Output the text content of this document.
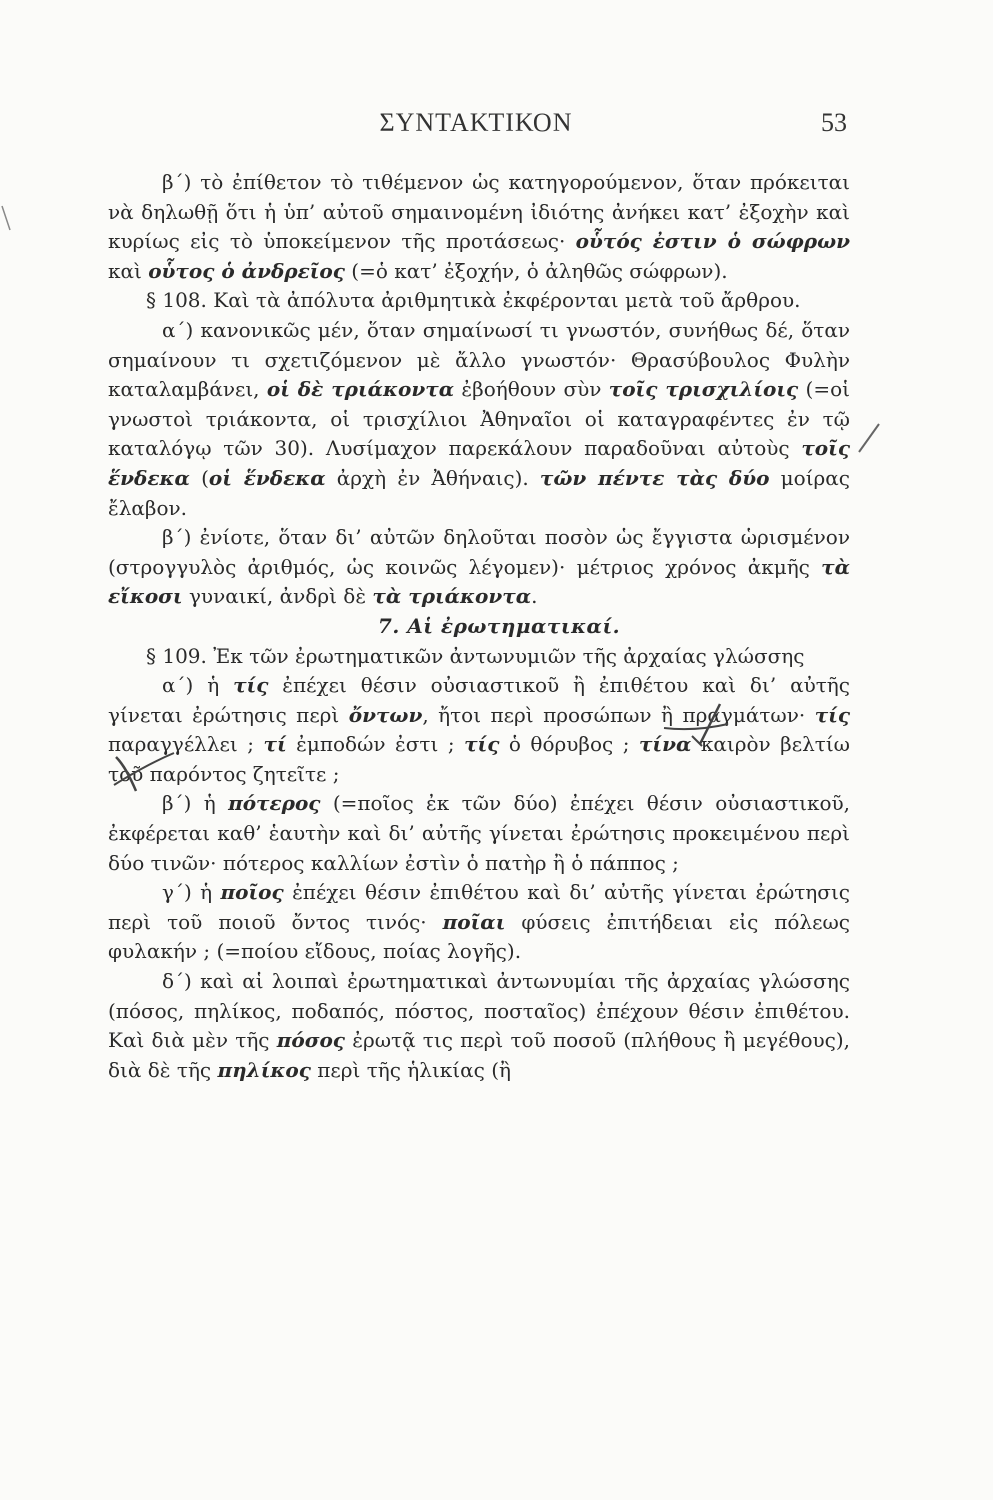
ΣΥΝΤΑΚΤΙΚΟΝ	53

β΄) τὸ ἐπίθετον τὸ τιθέμενον ὡς κατηγορούμενον, ὅταν πρόκειται νὰ δηλωθῇ ὅτι ἡ ὑπ’ αὐτοῦ σημαινομένη ἰδιότης ἀνήκει κατ’ ἐξοχὴν καὶ κυρίως εἰς τὸ ὑποκείμενον τῆς προτάσεως· οὗτός ἐστιν ὁ σώφρων καὶ οὗτος ὁ ἀνδρεῖος (=ὁ κατ’ ἐξοχήν, ὁ ἀληθῶς σώφρων).

§ 108. Καὶ τὰ ἀπόλυτα ἀριθμητικὰ ἐκφέρονται μετὰ τοῦ ἄρθρου.

α΄) κανονικῶς μέν, ὅταν σημαίνωσί τι γνωστόν, συνήθως δέ, ὅταν σημαίνουν τι σχετιζόμενον μὲ ἄλλο γνωστόν· Θρασύβουλος Φυλὴν καταλαμβάνει, οἱ δὲ τριάκοντα ἐβοήθουν σὺν τοῖς τρισχιλίοις (=οἱ γνωστοὶ τριάκοντα, οἱ τρισχίλιοι Ἀθηναῖοι οἱ καταγραφέντες ἐν τῷ καταλόγῳ τῶν 30). Λυσίμαχον παρεκάλουν παραδοῦναι αὐτοὺς τοῖς ἕνδεκα (οἱ ἕνδεκα ἀρχὴ ἐν Ἀθήναις). τῶν πέντε τὰς δύο μοίρας ἔλαβον.

β΄) ἐνίοτε, ὅταν δι’ αὐτῶν δηλοῦται ποσὸν ὡς ἔγγιστα ὡρισμένον (στρογγυλὸς ἀριθμός, ὡς κοινῶς λέγομεν)· μέτριος χρόνος ἀκμῆς τὰ εἴκοσι γυναικί, ἀνδρὶ δὲ τὰ τριάκοντα.

7. Αἱ ἐρωτηματικαί.

§ 109. Ἐκ τῶν ἐρωτηματικῶν ἀντωνυμιῶν τῆς ἀρχαίας γλώσσης

α΄) ἡ τίς ἐπέχει θέσιν οὐσιαστικοῦ ἢ ἐπιθέτου καὶ δι’ αὐτῆς γίνεται ἐρώτησις περὶ ὄντων, ἤτοι περὶ προσώπων ἢ πραγμάτων· τίς παραγγέλλει ; τί ἐμποδών ἐστι ; τίς ὁ θόρυβος ; τίνα καιρὸν βελτίω τοῦ παρόντος ζητεῖτε ;

β΄) ἡ πότερος (=ποῖος ἐκ τῶν δύο) ἐπέχει θέσιν οὐσιαστικοῦ, ἐκφέρεται καθ’ ἑαυτὴν καὶ δι’ αὐτῆς γίνεται ἐρώτησις προκειμένου περὶ δύο τινῶν· πότερος καλλίων ἐστὶν ὁ πατὴρ ἢ ὁ πάππος ;

γ΄) ἡ ποῖος ἐπέχει θέσιν ἐπιθέτου καὶ δι’ αὐτῆς γίνεται ἐρώτησις περὶ τοῦ ποιοῦ ὄντος τινός· ποῖαι φύσεις ἐπιτήδειαι εἰς πόλεως φυλακήν ; (=ποίου εἴδους, ποίας λογῆς).

δ΄) καὶ αἱ λοιπαὶ ἐρωτηματικαὶ ἀντωνυμίαι τῆς ἀρχαίας γλώσσης (πόσος, πηλίκος, ποδαπός, πόστος, ποσταῖος) ἐπέχουν θέσιν ἐπιθέτου. Καὶ διὰ μὲν τῆς πόσος ἐρωτᾷ τις περὶ τοῦ ποσοῦ (πλήθους ἢ μεγέθους), διὰ δὲ τῆς πηλίκος περὶ τῆς ἡλικίας (ἢ
